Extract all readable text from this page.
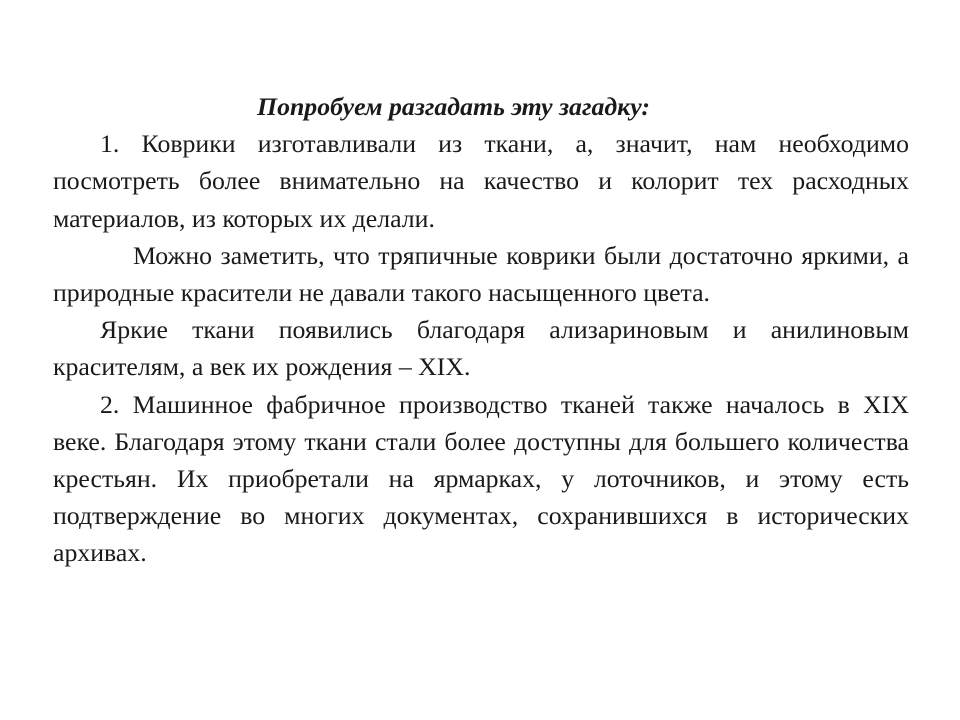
Попробуем разгадать эту загадку:

1. Коврики изготавливали из ткани, а, значит, нам необходимо посмотреть более внимательно на качество и колорит тех расходных материалов, из которых их делали.

Можно заметить, что тряпичные коврики были достаточно яркими, а природные красители не давали такого насыщенного цвета.

Яркие ткани появились благодаря ализариновым и анилиновым красителям, а век их рождения – XIX.

2. Машинное фабричное производство тканей также началось в XIX веке. Благодаря этому ткани стали более доступны для большего количества крестьян. Их приобретали на ярмарках, у лоточников, и этому есть подтверждение во многих документах, сохранившихся в исторических архивах.
